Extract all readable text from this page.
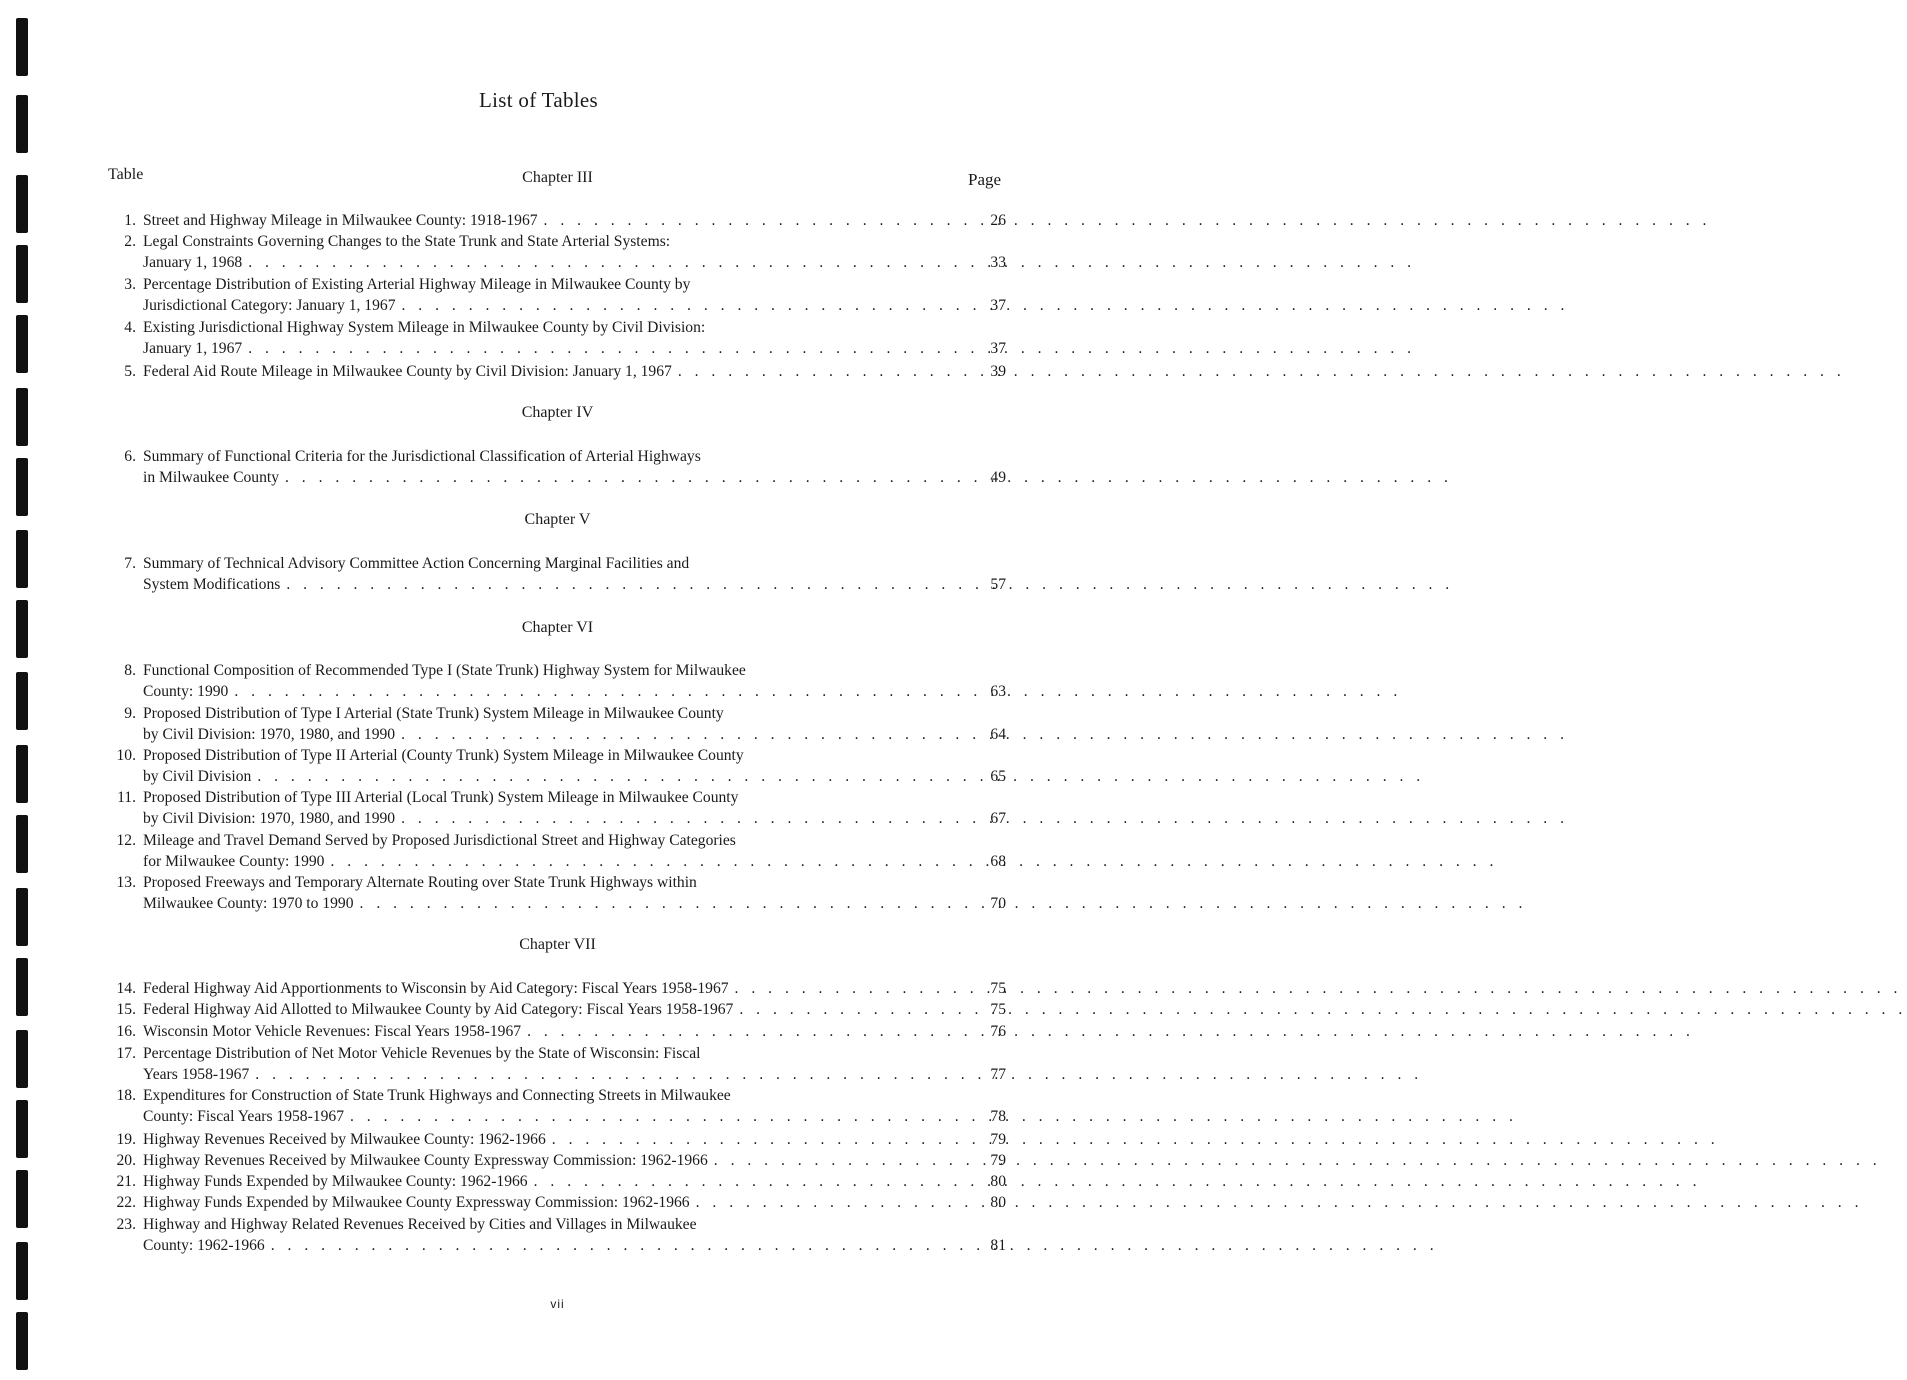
List of Tables
Table	Page
Chapter III
1. Street and Highway Mileage in Milwaukee County: 1918-1967 . . .	26
2. Legal Constraints Governing Changes to the State Trunk and State Arterial Systems:
January 1, 1968 . . .	33
3. Percentage Distribution of Existing Arterial Highway Mileage in Milwaukee County by
Jurisdictional Category: January 1, 1967 . . .	37
4. Existing Jurisdictional Highway System Mileage in Milwaukee County by Civil Division:
January 1, 1967 . . .	37
5. Federal Aid Route Mileage in Milwaukee County by Civil Division: January 1, 1967 . . .	39
Chapter IV
6. Summary of Functional Criteria for the Jurisdictional Classification of Arterial Highways
in Milwaukee County . . .	49
Chapter V
7. Summary of Technical Advisory Committee Action Concerning Marginal Facilities and
System Modifications . . .	57
Chapter VI
8. Functional Composition of Recommended Type I (State Trunk) Highway System for Milwaukee
County: 1990 . . .	63
9. Proposed Distribution of Type I Arterial (State Trunk) System Mileage in Milwaukee County
by Civil Division: 1970, 1980, and 1990 . . .	64
10. Proposed Distribution of Type II Arterial (County Trunk) System Mileage in Milwaukee County
by Civil Division . . .	65
11. Proposed Distribution of Type III Arterial (Local Trunk) System Mileage in Milwaukee County
by Civil Division: 1970, 1980, and 1990 . . .	67
12. Mileage and Travel Demand Served by Proposed Jurisdictional Street and Highway Categories
for Milwaukee County: 1990 . . .	68
13. Proposed Freeways and Temporary Alternate Routing over State Trunk Highways within
Milwaukee County: 1970 to 1990 . . .	70
Chapter VII
14. Federal Highway Aid Apportionments to Wisconsin by Aid Category: Fiscal Years 1958-1967 . . .	75
15. Federal Highway Aid Allotted to Milwaukee County by Aid Category: Fiscal Years 1958-1967 . . .	75
16. Wisconsin Motor Vehicle Revenues: Fiscal Years 1958-1967 . . .	76
17. Percentage Distribution of Net Motor Vehicle Revenues by the State of Wisconsin: Fiscal
Years 1958-1967 . . .	77
18. Expenditures for Construction of State Trunk Highways and Connecting Streets in Milwaukee
County: Fiscal Years 1958-1967 . . .	78
19. Highway Revenues Received by Milwaukee County: 1962-1966 . . .	79
20. Highway Revenues Received by Milwaukee County Expressway Commission: 1962-1966 . . .	79
21. Highway Funds Expended by Milwaukee County: 1962-1966 . . .	80
22. Highway Funds Expended by Milwaukee County Expressway Commission: 1962-1966 . . .	80
23. Highway and Highway Related Revenues Received by Cities and Villages in Milwaukee
County: 1962-1966 . . .	81
vii
